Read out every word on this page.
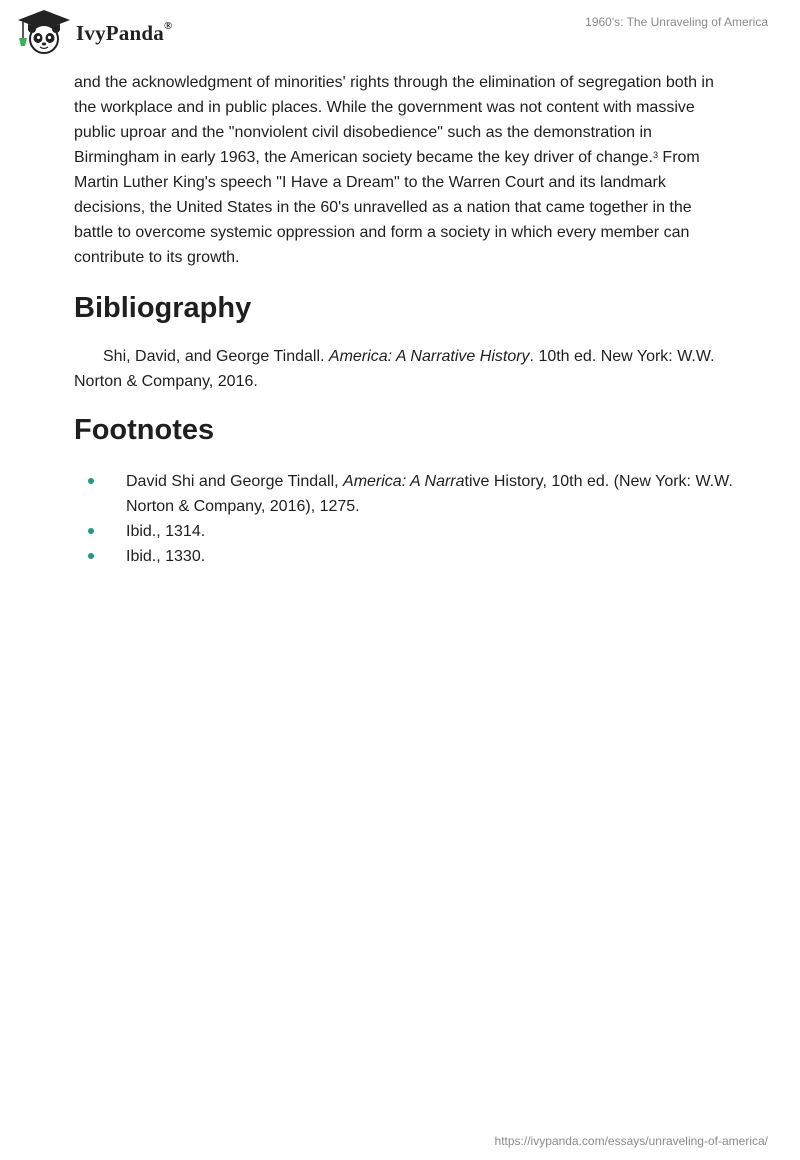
IvyPanda®	1960's: The Unraveling of America

and the acknowledgment of minorities' rights through the elimination of segregation both in the workplace and in public places. While the government was not content with massive public uproar and the "nonviolent civil disobedience" such as the demonstration in Birmingham in early 1963, the American society became the key driver of change.$^3$ From Martin Luther King's speech "I Have a Dream" to the Warren Court and its landmark decisions, the United States in the 60's unravelled as a nation that came together in the battle to overcome systemic oppression and form a society in which every member can contribute to its growth.

Bibliography

Shi, David, and George Tindall. America: A Narrative History. 10th ed. New York: W.W. Norton & Company, 2016.

Footnotes
David Shi and George Tindall, America: A Narrative History, 10th ed. (New York: W.W. Norton & Company, 2016), 1275.
Ibid., 1314.
Ibid., 1330.
https://ivypanda.com/essays/unraveling-of-america/
